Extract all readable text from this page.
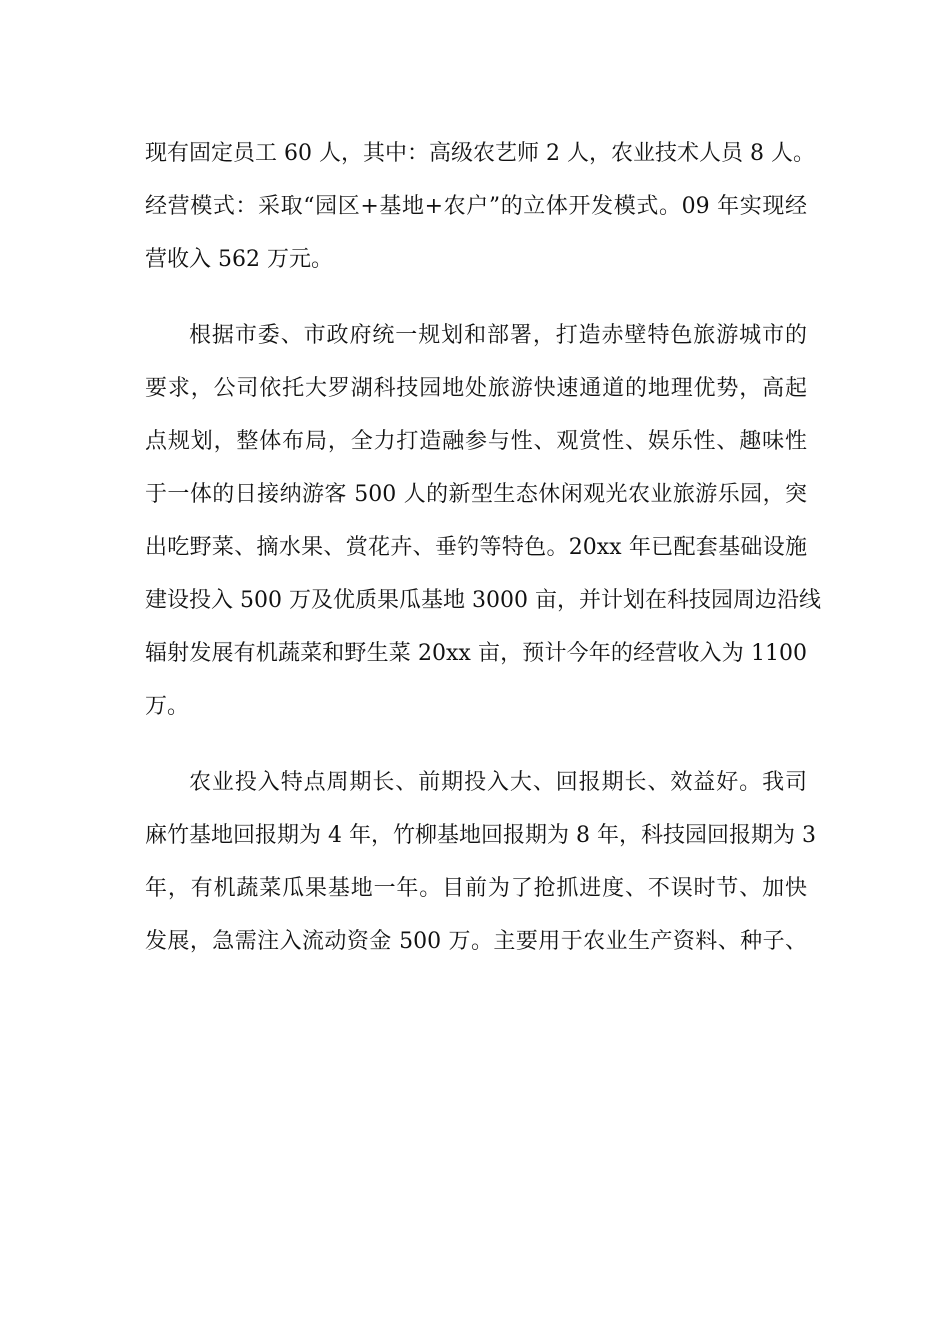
现有固定员工 60 人，其中：高级农艺师 2 人，农业技术人员 8 人。
经营模式：采取“园区+基地+农户”的立体开发模式。09 年实现经
营收入 562 万元。
根据市委、市政府统一规划和部署，打造赤壁特色旅游城市的
要求，公司依托大罗湖科技园地处旅游快速通道的地理优势，高起
点规划，整体布局，全力打造融参与性、观赏性、娱乐性、趣味性
于一体的日接纳游客 500 人的新型生态休闲观光农业旅游乐园，突
出吃野菜、摘水果、赏花卉、垂钓等特色。20xx 年已配套基础设施
建设投入 500 万及优质果瓜基地 3000 亩，并计划在科技园周边沿线
辐射发展有机蔬菜和野生菜 20xx 亩，预计今年的经营收入为 1100
万。
农业投入特点周期长、前期投入大、回报期长、效益好。我司
麻竹基地回报期为 4 年，竹柳基地回报期为 8 年，科技园回报期为 3
年，有机蔬菜瓜果基地一年。目前为了抢抓进度、不误时节、加快
发展，急需注入流动资金 500 万。主要用于农业生产资料、种子、
